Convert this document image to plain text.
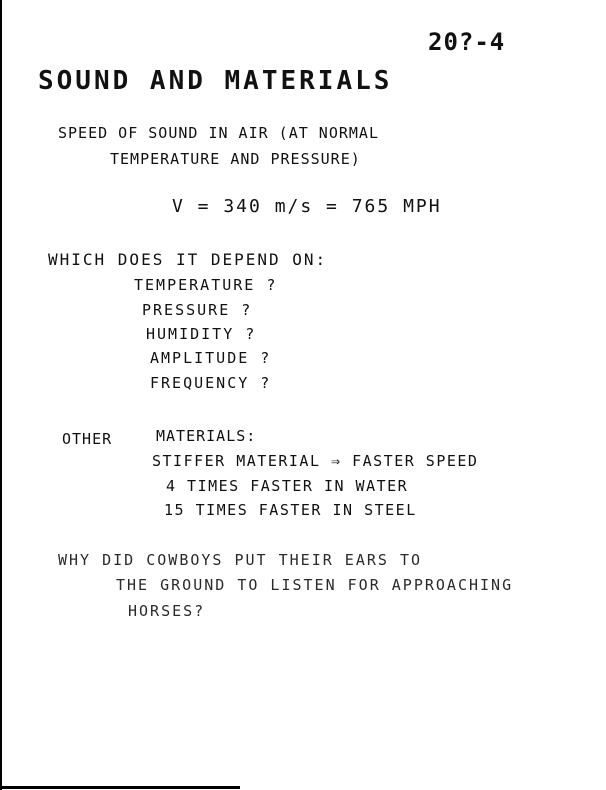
20?-4
SOUND AND MATERIALS
SPEED OF SOUND IN AIR (AT NORMAL
TEMPERATURE AND PRESSURE)
V = 340 m/s = 765 MPH
WHICH DOES IT DEPEND ON:
TEMPERATURE ?
PRESSURE ?
HUMIDITY ?
AMPLITUDE ?
FREQUENCY ?
OTHER	MATERIALS:
STIFFER MATERIAL ⇒ FASTER SPEED
4 TIMES FASTER IN WATER
15 TIMES FASTER IN STEEL
WHY DID COWBOYS PUT THEIR EARS TO
THE GROUND TO LISTEN FOR APPROACHING
HORSES?
